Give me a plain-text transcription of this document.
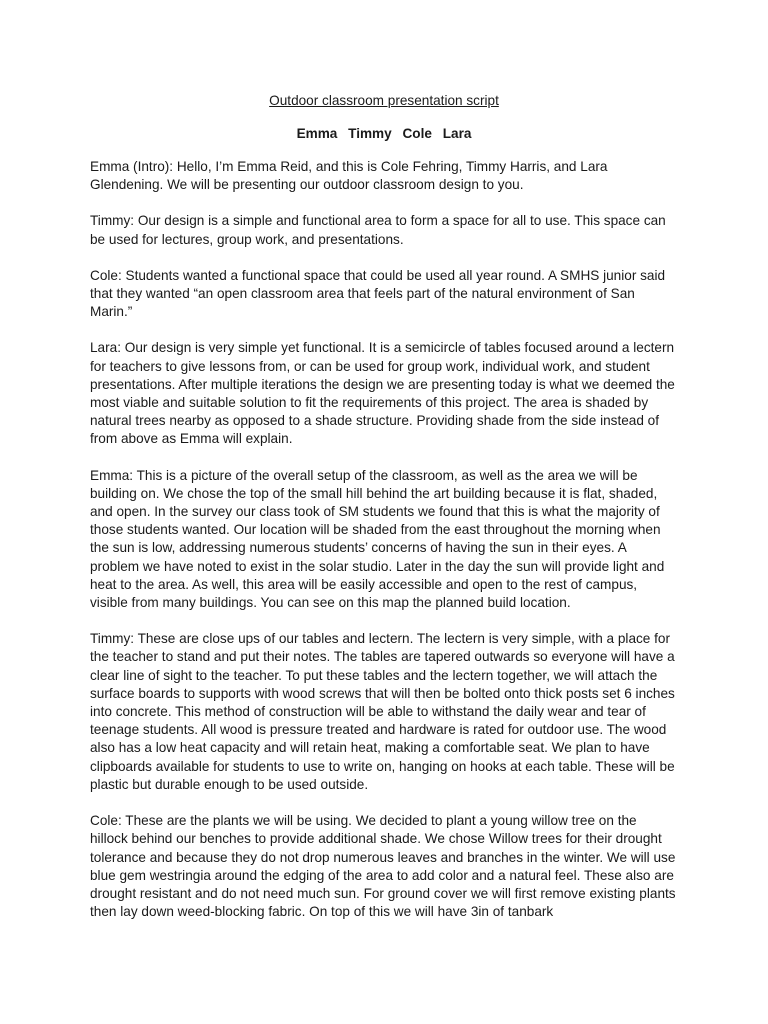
Outdoor classroom presentation script
Emma Timmy Cole Lara

Emma (Intro): Hello, I’m Emma Reid, and this is Cole Fehring, Timmy Harris, and Lara Glendening. We will be presenting our outdoor classroom design to you.

Timmy: Our design is a simple and functional area to form a space for all to use. This space can be used for lectures, group work, and presentations.

Cole: Students wanted a functional space that could be used all year round. A SMHS junior said that they wanted “an open classroom area that feels part of the natural environment of San Marin.”

Lara: Our design is very simple yet functional. It is a semicircle of tables focused around a lectern for teachers to give lessons from, or can be used for group work, individual work, and student presentations. After multiple iterations the design we are presenting today is what we deemed the most viable and suitable solution to fit the requirements of this project. The area is shaded by natural trees nearby as opposed to a shade structure. Providing shade from the side instead of from above as Emma will explain.

Emma: This is a picture of the overall setup of the classroom, as well as the area we will be building on. We chose the top of the small hill behind the art building because it is flat, shaded, and open. In the survey our class took of SM students we found that this is what the majority of those students wanted. Our location will be shaded from the east throughout the morning when the sun is low, addressing numerous students’ concerns of having the sun in their eyes. A problem we have noted to exist in the solar studio. Later in the day the sun will provide light and heat to the area. As well, this area will be easily accessible and open to the rest of campus, visible from many buildings. You can see on this map the planned build location.

Timmy: These are close ups of our tables and lectern. The lectern is very simple, with a place for the teacher to stand and put their notes. The tables are tapered outwards so everyone will have a clear line of sight to the teacher. To put these tables and the lectern together, we will attach the surface boards to supports with wood screws that will then be bolted onto thick posts set 6 inches into concrete. This method of construction will be able to withstand the daily wear and tear of teenage students. All wood is pressure treated and hardware is rated for outdoor use. The wood also has a low heat capacity and will retain heat, making a comfortable seat. We plan to have clipboards available for students to use to write on, hanging on hooks at each table. These will be plastic but durable enough to be used outside.

Cole: These are the plants we will be using. We decided to plant a young willow tree on the hillock behind our benches to provide additional shade. We chose Willow trees for their drought tolerance and because they do not drop numerous leaves and branches in the winter. We will use blue gem westringia around the edging of the area to add color and a natural feel. These also are drought resistant and do not need much sun. For ground cover we will first remove existing plants then lay down weed-blocking fabric. On top of this we will have 3in of tanbark
